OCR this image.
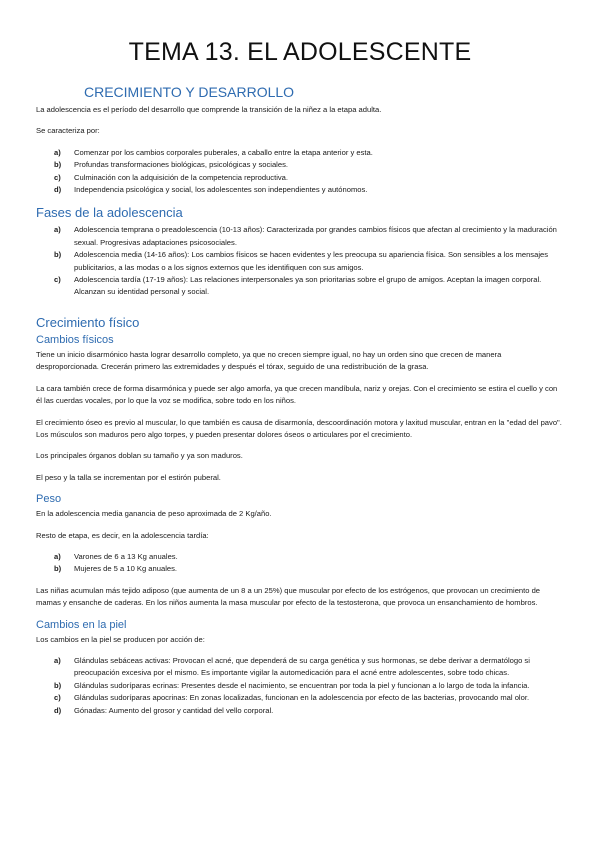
TEMA 13. EL ADOLESCENTE
CRECIMIENTO Y DESARROLLO

La adolescencia es el período del desarrollo que comprende la transición de la niñez a la etapa adulta.

Se caracteriza por:

a) Comenzar por los cambios corporales puberales, a caballo entre la etapa anterior y esta.
b) Profundas transformaciones biológicas, psicológicas y sociales.
c) Culminación con la adquisición de la competencia reproductiva.
d) Independencia psicológica y social, los adolescentes son independientes y autónomos.
Fases de la adolescencia
a) Adolescencia temprana o preadolescencia (10-13 años): Caracterizada por grandes cambios físicos que afectan al crecimiento y la maduración sexual. Progresivas adaptaciones psicosociales.
b) Adolescencia media (14-16 años): Los cambios físicos se hacen evidentes y les preocupa su apariencia física. Son sensibles a los mensajes publicitarios, a las modas o a los signos externos que les identifiquen con sus amigos.
c) Adolescencia tardía (17-19 años): Las relaciones interpersonales ya son prioritarias sobre el grupo de amigos. Aceptan la imagen corporal. Alcanzan su identidad personal y social.
Crecimiento físico
Cambios físicos

Tiene un inicio disarmónico hasta lograr desarrollo completo, ya que no crecen siempre igual, no hay un orden sino que crecen de manera desproporcionada. Crecerán primero las extremidades y después el tórax, seguido de una redistribución de la grasa.

La cara también crece de forma disarmónica y puede ser algo amorfa, ya que crecen mandíbula, nariz y orejas. Con el crecimiento se estira el cuello y con él las cuerdas vocales, por lo que la voz se modifica, sobre todo en los niños.

El crecimiento óseo es previo al muscular, lo que también es causa de disarmonía, descoordinación motora y laxitud muscular, entran en la "edad del pavo". Los músculos son maduros pero algo torpes, y pueden presentar dolores óseos o articulares por el crecimiento.

Los principales órganos doblan su tamaño y ya son maduros.

El peso y la talla se incrementan por el estirón puberal.

Peso

En la adolescencia media ganancia de peso aproximada de 2 Kg/año.

Resto de etapa, es decir, en la adolescencia tardía:

a) Varones de 6 a 13 Kg anuales.
b) Mujeres de 5 a 10 Kg anuales.

Las niñas acumulan más tejido adiposo (que aumenta de un 8 a un 25%) que muscular por efecto de los estrógenos, que provocan un crecimiento de mamas y ensanche de caderas. En los niños aumenta la masa muscular por efecto de la testosterona, que provoca un ensanchamiento de hombros.

Cambios en la piel

Los cambios en la piel se producen por acción de:

a) Glándulas sebáceas activas: Provocan el acné, que dependerá de su carga genética y sus hormonas, se debe derivar a dermatólogo si preocupación excesiva por el mismo. Es importante vigilar la automedicación para el acné entre adolescentes, sobre todo chicas.
b) Glándulas sudoríparas ecrinas: Presentes desde el nacimiento, se encuentran por toda la piel y funcionan a lo largo de toda la infancia.
c) Glándulas sudoríparas apocrinas: En zonas localizadas, funcionan en la adolescencia por efecto de las bacterias, provocando mal olor.
d) Gónadas: Aumento del grosor y cantidad del vello corporal.
